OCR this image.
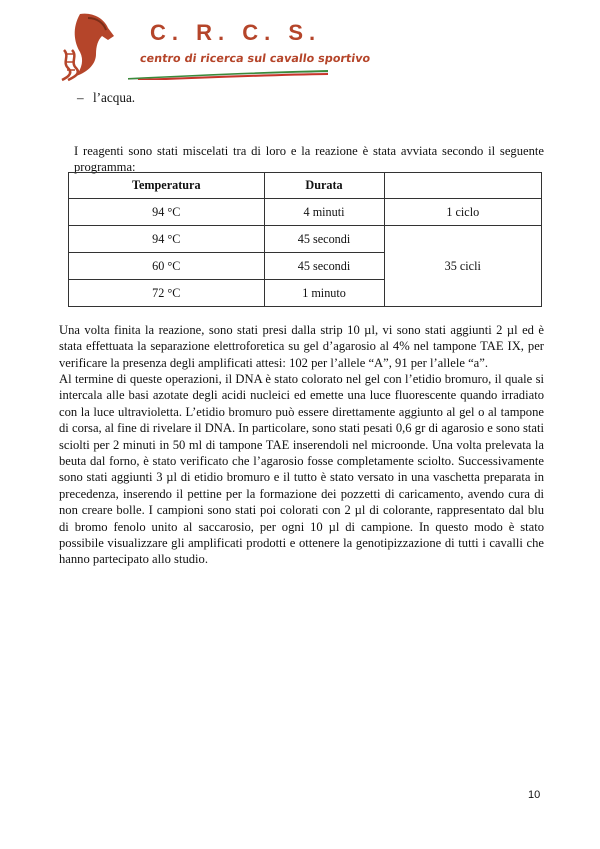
C. R. C. S.

centro di ricerca sul cavallo sportivo

– l’acqua.

I reagenti sono stati miscelati tra di loro e la reazione è stata avviata secondo il seguente programma:

Temperatura	Durata	
94 °C	4 minuti	1 ciclo
94 °C	45 secondi	35 cicli
60 °C	45 secondi	
72 °C	1 minuto	

Una volta finita la reazione, sono stati presi dalla strip 10 µl, vi sono stati aggiunti 2 µl ed è stata effettuata la separazione elettroforetica su gel d’agarosio al 4% nel tampone TAE IX, per verificare la presenza degli amplificati attesi: 102 per l’allele “A”, 91 per l’allele “a”.

Al termine di queste operazioni, il DNA è stato colorato nel gel con l’etidio bromuro, il quale si intercala alle basi azotate degli acidi nucleici ed emette una luce fluorescente quando irradiato con la luce ultravioletta. L’etidio bromuro può essere direttamente aggiunto al gel o al tampone di corsa, al fine di rivelare il DNA. In particolare, sono stati pesati 0,6 gr di agarosio e sono stati sciolti per 2 minuti in 50 ml di tampone TAE inserendoli nel microonde. Una volta prelevata la beuta dal forno, è stato verificato che l’agarosio fosse completamente sciolto. Successivamente sono stati aggiunti 3 µl di etidio bromuro e il tutto è stato versato in una vaschetta preparata in precedenza, inserendo il pettine per la formazione dei pozzetti di caricamento, avendo cura di non creare bolle. I campioni sono stati poi colorati con 2 µl di colorante, rappresentato dal blu di bromo fenolo unito al saccarosio, per ogni 10 µl di campione. In questo modo è stato possibile visualizzare gli amplificati prodotti e ottenere la genotipizzazione di tutti i cavalli che hanno partecipato allo studio.

10
